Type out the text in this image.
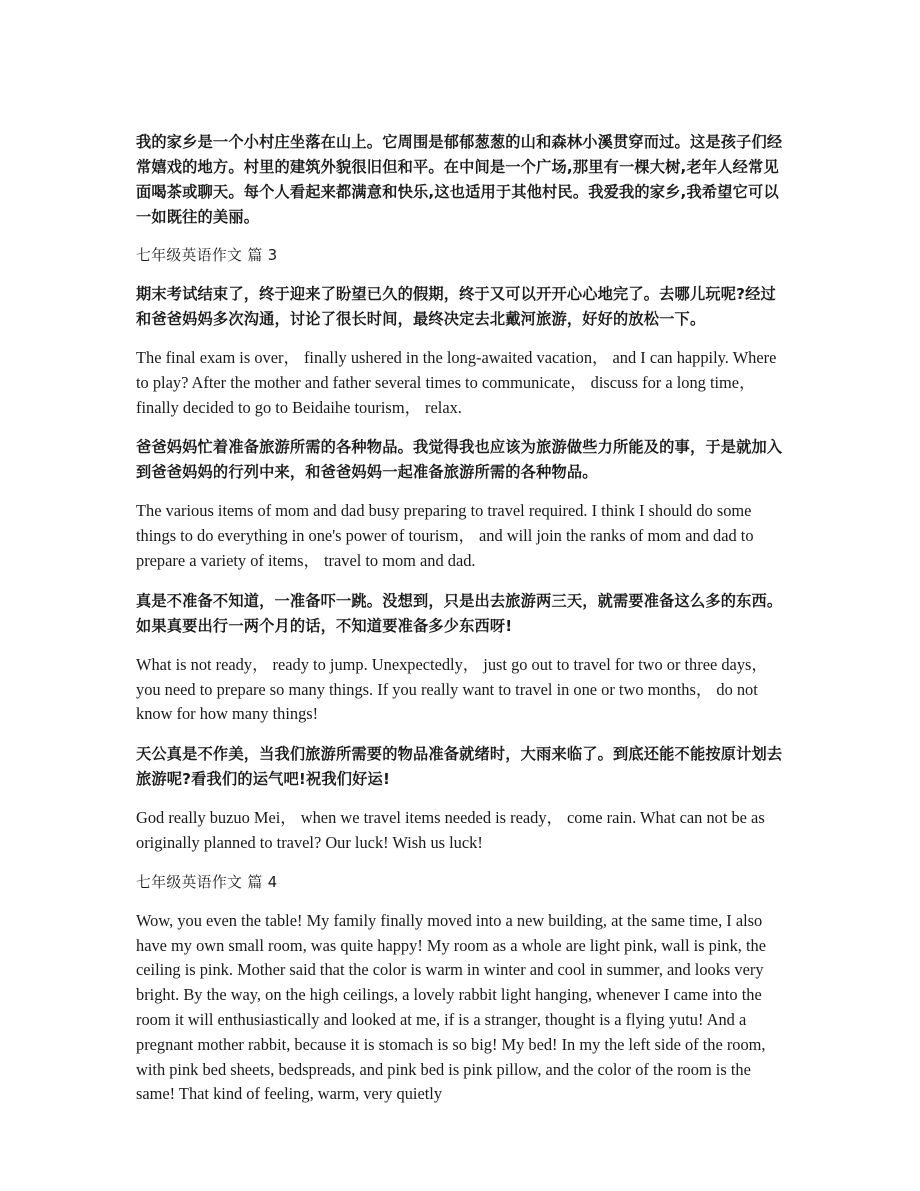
我的家乡是一个小村庄坐落在山上。它周围是郁郁葱葱的山和森林小溪贯穿而过。这是孩子们经常嬉戏的地方。村里的建筑外貌很旧但和平。在中间是一个广场,那里有一棵大树,老年人经常见面喝茶或聊天。每个人看起来都满意和快乐,这也适用于其他村民。我爱我的家乡,我希望它可以一如既往的美丽。

七年级英语作文 篇 3

期末考试结束了，终于迎来了盼望已久的假期，终于又可以开开心心地完了。去哪儿玩呢?经过和爸爸妈妈多次沟通，讨论了很长时间，最终决定去北戴河旅游，好好的放松一下。

The final exam is over， finally ushered in the long-awaited vacation， and I can happily. Where to play? After the mother and father several times to communicate， discuss for a long time， finally decided to go to Beidaihe tourism， relax.

爸爸妈妈忙着准备旅游所需的各种物品。我觉得我也应该为旅游做些力所能及的事，于是就加入到爸爸妈妈的行列中来，和爸爸妈妈一起准备旅游所需的各种物品。

The various items of mom and dad busy preparing to travel required. I think I should do some things to do everything in one's power of tourism， and will join the ranks of mom and dad to prepare a variety of items， travel to mom and dad.

真是不准备不知道，一准备吓一跳。没想到，只是出去旅游两三天，就需要准备这么多的东西。如果真要出行一两个月的话，不知道要准备多少东西呀!

What is not ready， ready to jump. Unexpectedly， just go out to travel for two or three days， you need to prepare so many things. If you really want to travel in one or two months， do not know for how many things!

天公真是不作美，当我们旅游所需要的物品准备就绪时，大雨来临了。到底还能不能按原计划去旅游呢?看我们的运气吧!祝我们好运!

God really buzuo Mei， when we travel items needed is ready， come rain. What can not be as originally planned to travel? Our luck! Wish us luck!

七年级英语作文 篇 4

Wow, you even the table! My family finally moved into a new building, at the same time, I also have my own small room, was quite happy! My room as a whole are light pink, wall is pink, the ceiling is pink. Mother said that the color is warm in winter and cool in summer, and looks very bright. By the way, on the high ceilings, a lovely rabbit light hanging, whenever I came into the room it will enthusiastically and looked at me, if is a stranger, thought is a flying yutu! And a pregnant mother rabbit, because it is stomach is so big! My bed! In my the left side of the room, with pink bed sheets, bedspreads, and pink bed is pink pillow, and the color of the room is the same! That kind of feeling, warm, very quietly
